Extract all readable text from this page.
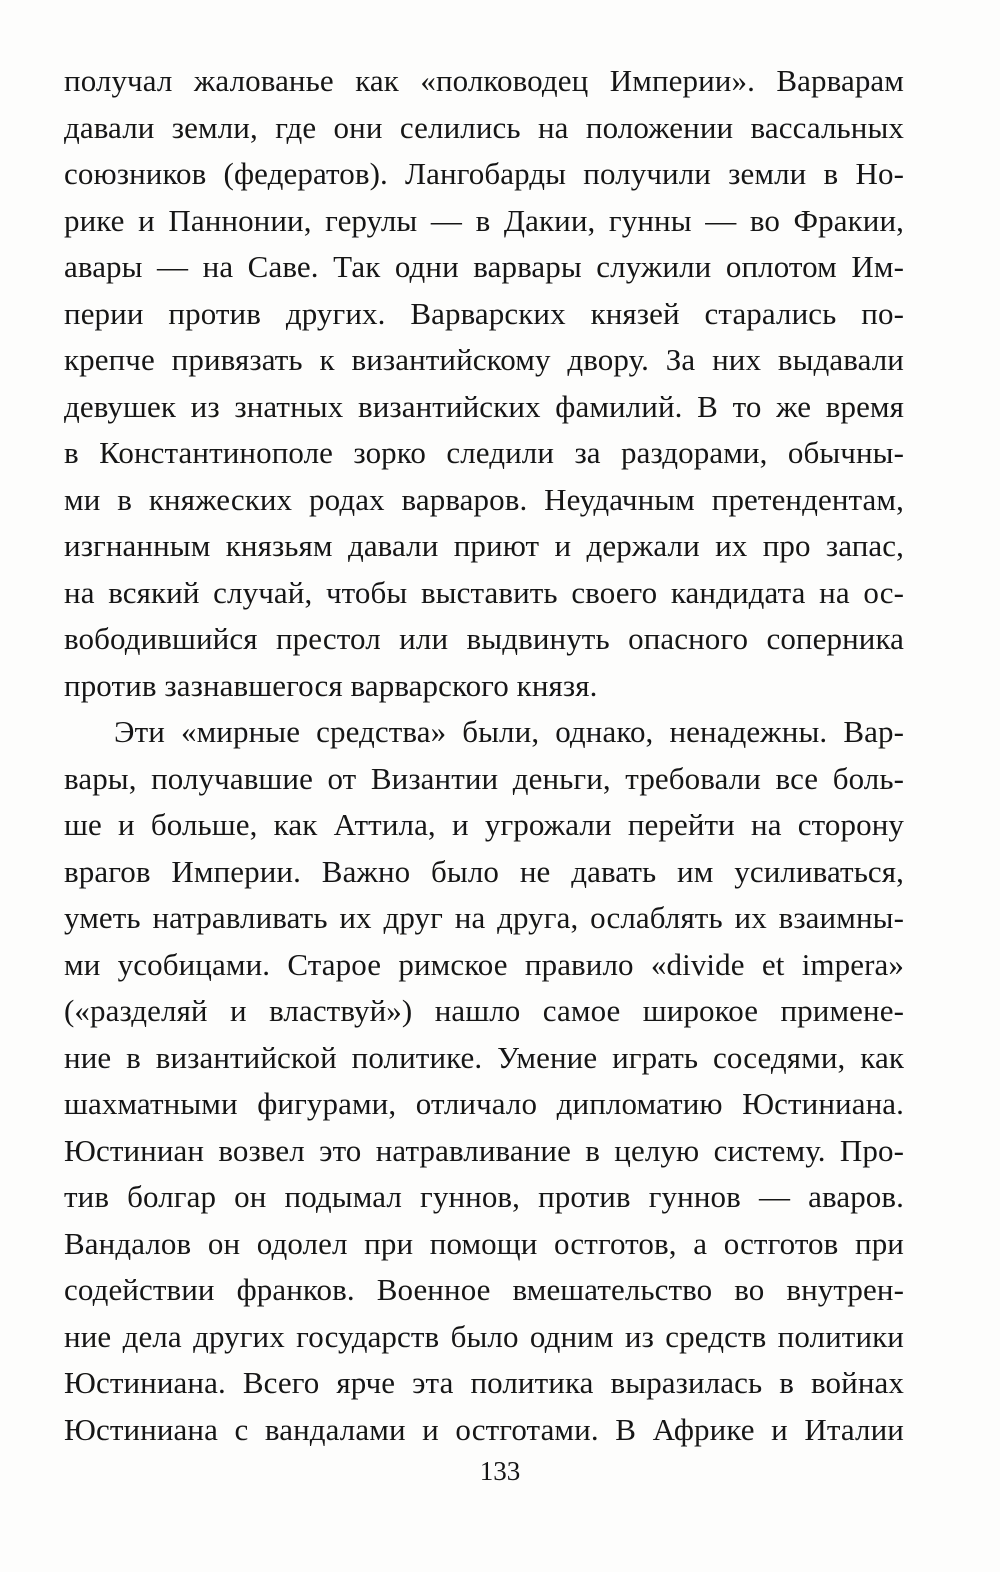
получал жалованье как «полководец Империи». Варварам
давали земли, где они селились на положении вассальных
союзников (федератов). Лангобарды получили земли в Но-
рике и Паннонии, герулы — в Дакии, гунны — во Фракии,
авары — на Саве. Так одни варвары служили оплотом Им-
перии против других. Варварских князей старались по-
крепче привязать к византийскому двору. За них выдавали
девушек из знатных византийских фамилий. В то же время
в Константинополе зорко следили за раздорами, обычны-
ми в княжеских родах варваров. Неудачным претендентам,
изгнанным князьям давали приют и держали их про запас,
на всякий случай, чтобы выставить своего кандидата на ос-
вободившийся престол или выдвинуть опасного соперника
против зазнавшегося варварского князя.
Эти «мирные средства» были, однако, ненадежны. Вар-
вары, получавшие от Византии деньги, требовали все боль-
ше и больше, как Аттила, и угрожали перейти на сторону
врагов Империи. Важно было не давать им усиливаться,
уметь натравливать их друг на друга, ослаблять их взаимны-
ми усобицами. Старое римское правило «divide et impera»
(«разделяй и властвуй») нашло самое широкое примене-
ние в византийской политике. Умение играть соседями, как
шахматными фигурами, отличало дипломатию Юстиниана.
Юстиниан возвел это натравливание в целую систему. Про-
тив болгар он подымал гуннов, против гуннов — аваров.
Вандалов он одолел при помощи остготов, а остготов при
содействии франков. Военное вмешательство во внутрен-
ние дела других государств было одним из средств политики
Юстиниана. Всего ярче эта политика выразилась в войнах
Юстиниана с вандалами и остготами. В Африке и Италии
133
